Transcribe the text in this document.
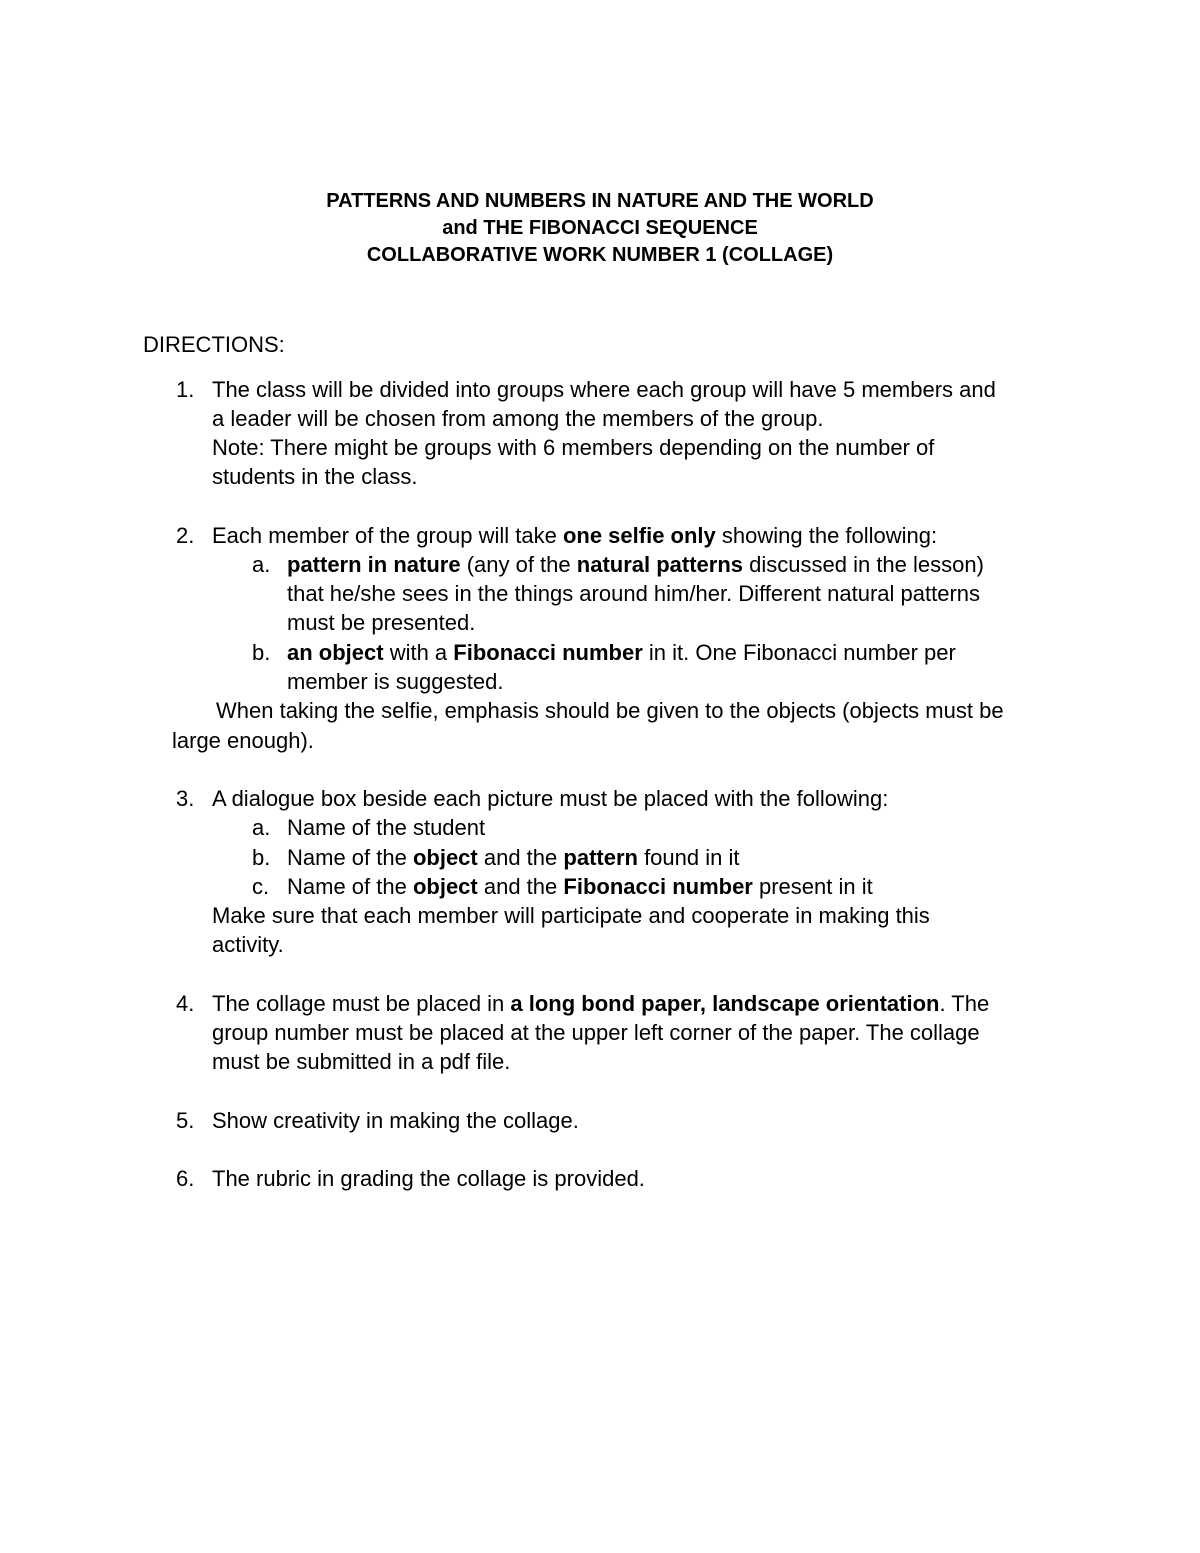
PATTERNS AND NUMBERS IN NATURE AND THE WORLD
and THE FIBONACCI SEQUENCE
COLLABORATIVE WORK NUMBER 1 (COLLAGE)
DIRECTIONS:
1. The class will be divided into groups where each group will have 5 members and
a leader will be chosen from among the members of the group.
Note: There might be groups with 6 members depending on the number of
students in the class.
2. Each member of the group will take one selfie only showing the following:
a. pattern in nature (any of the natural patterns discussed in the lesson)
that he/she sees in the things around him/her. Different natural patterns
must be presented.
b. an object with a Fibonacci number in it. One Fibonacci number per
member is suggested.
When taking the selfie, emphasis should be given to the objects (objects must be
large enough).
3. A dialogue box beside each picture must be placed with the following:
a. Name of the student
b. Name of the object and the pattern found in it
c. Name of the object and the Fibonacci number present in it
Make sure that each member will participate and cooperate in making this
activity.
4. The collage must be placed in a long bond paper, landscape orientation. The
group number must be placed at the upper left corner of the paper. The collage
must be submitted in a pdf file.
5. Show creativity in making the collage.
6. The rubric in grading the collage is provided.
